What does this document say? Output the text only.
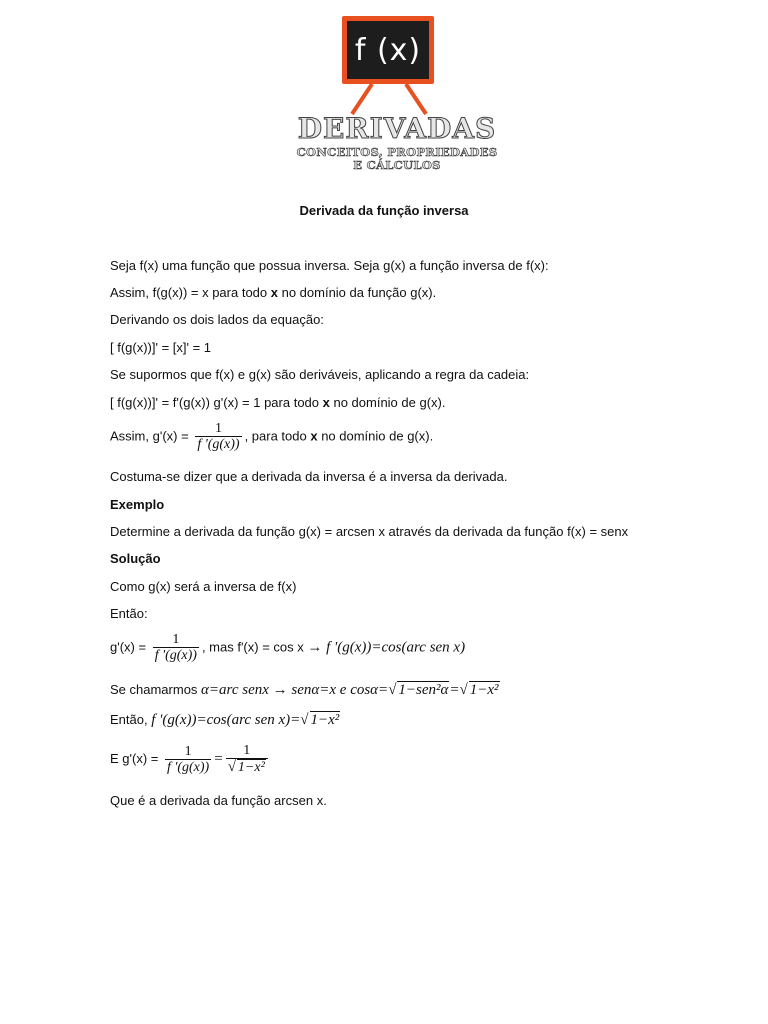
f (x)
DERIVADAS
CONCEITOS, PROPRIEDADES
E CÁLCULOS
Derivada da função inversa
Seja f(x) uma função que possua inversa. Seja g(x) a função inversa de f(x):
Assim, f(g(x)) = x para todo x no domínio da função g(x).
Derivando os dois lados da equação:
[ f(g(x))]' = [x]' = 1
Se supormos que f(x) e g(x) são deriváveis, aplicando a regra da cadeia:
[ f(g(x))]' = f'(g(x)) g'(x) = 1 para todo x no domínio de g(x).
Assim, $g'(x) = \frac{1}{f '(g(x))}$ , para todo x no domínio de g(x).
Costuma-se dizer que a derivada da inversa é a inversa da derivada.
Exemplo
Determine a derivada da função g(x) = arcsen x através da derivada da função f(x) = senx
Solução
Como g(x) será a inversa de f(x)
Então:
$g'(x) = \frac{1}{f '(g(x))}$ , mas f'(x) = cos x → f '(g(x))=cos(arc sen x)
Se chamarmos α=arc senx → senα=x e cosα=√ 1−sen²α=√ 1−x²
Então, f '(g(x))=cos(arc sen x)=√ 1−x²
E $g'(x) = \frac{1}{f '(g(x))} = \frac{1}{\text{√ 1−x²}}$
Que é a derivada da função arcsen x.
